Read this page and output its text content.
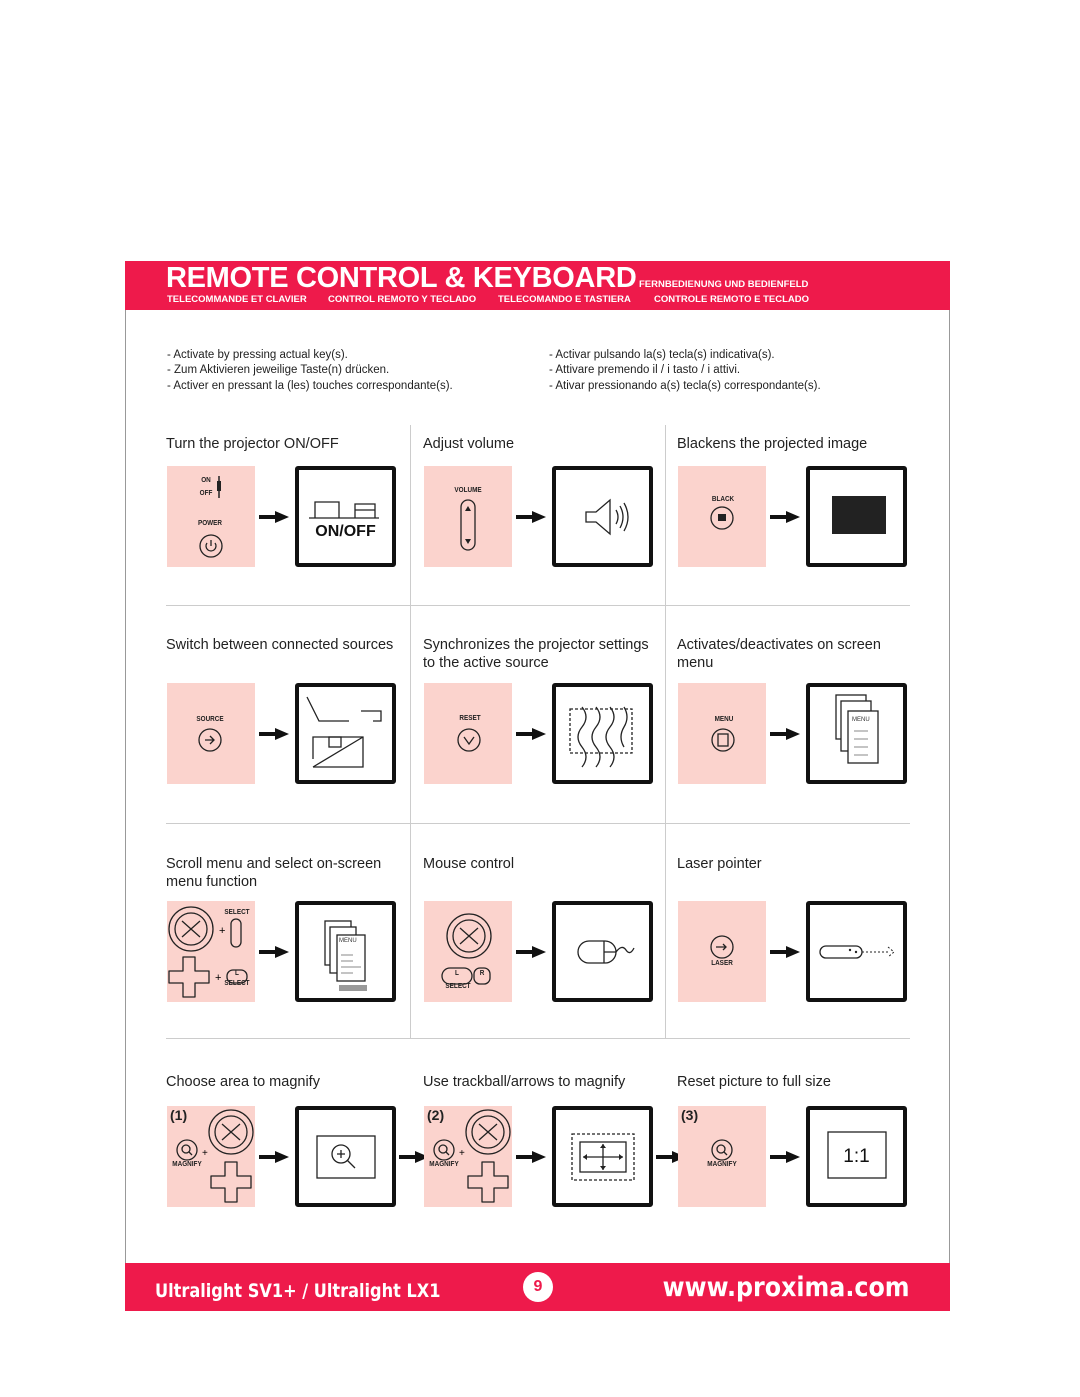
REMOTE CONTROL & KEYBOARD FERNBEDIENUNG UND BEDIENFELD
TELECOMMANDE ET CLAVIER CONTROL REMOTO Y TECLADO TELECOMANDO E TASTIERA CONTROLE REMOTO E TECLADO
- Activate by pressing actual key(s).
- Zum Aktivieren jeweilige Taste(n) drücken.
- Activer en pressant la (les) touches correspondante(s).
- Activar pulsando la(s) tecla(s) indicativa(s).
- Attivare premendo il / i tasto / i attivi.
- Ativar pressionando a(s) tecla(s) correspondante(s).
Turn the projector ON/OFF
ON
OFF
POWER
ON/OFF
Adjust volume
VOLUME
Blackens the projected image
BLACK
Switch between connected sources
SOURCE
Synchronizes the projector settings to the active source
RESET
Activates/deactivates on screen menu
MENU	MENU
Scroll menu and select on-screen menu function
+
+
SELECT
SELECT
L
MENU
Mouse control
SELECT
L	R
Laser pointer
LASER
Choose area to magnify
+
MAGNIFY
(1)
Use trackball/arrows to magnify
+
MAGNIFY
(2)
Reset picture to full size
MAGNIFY
(3)
1:1
Ultralight SV1+ / Ultralight LX1	9	www.proxima.com
